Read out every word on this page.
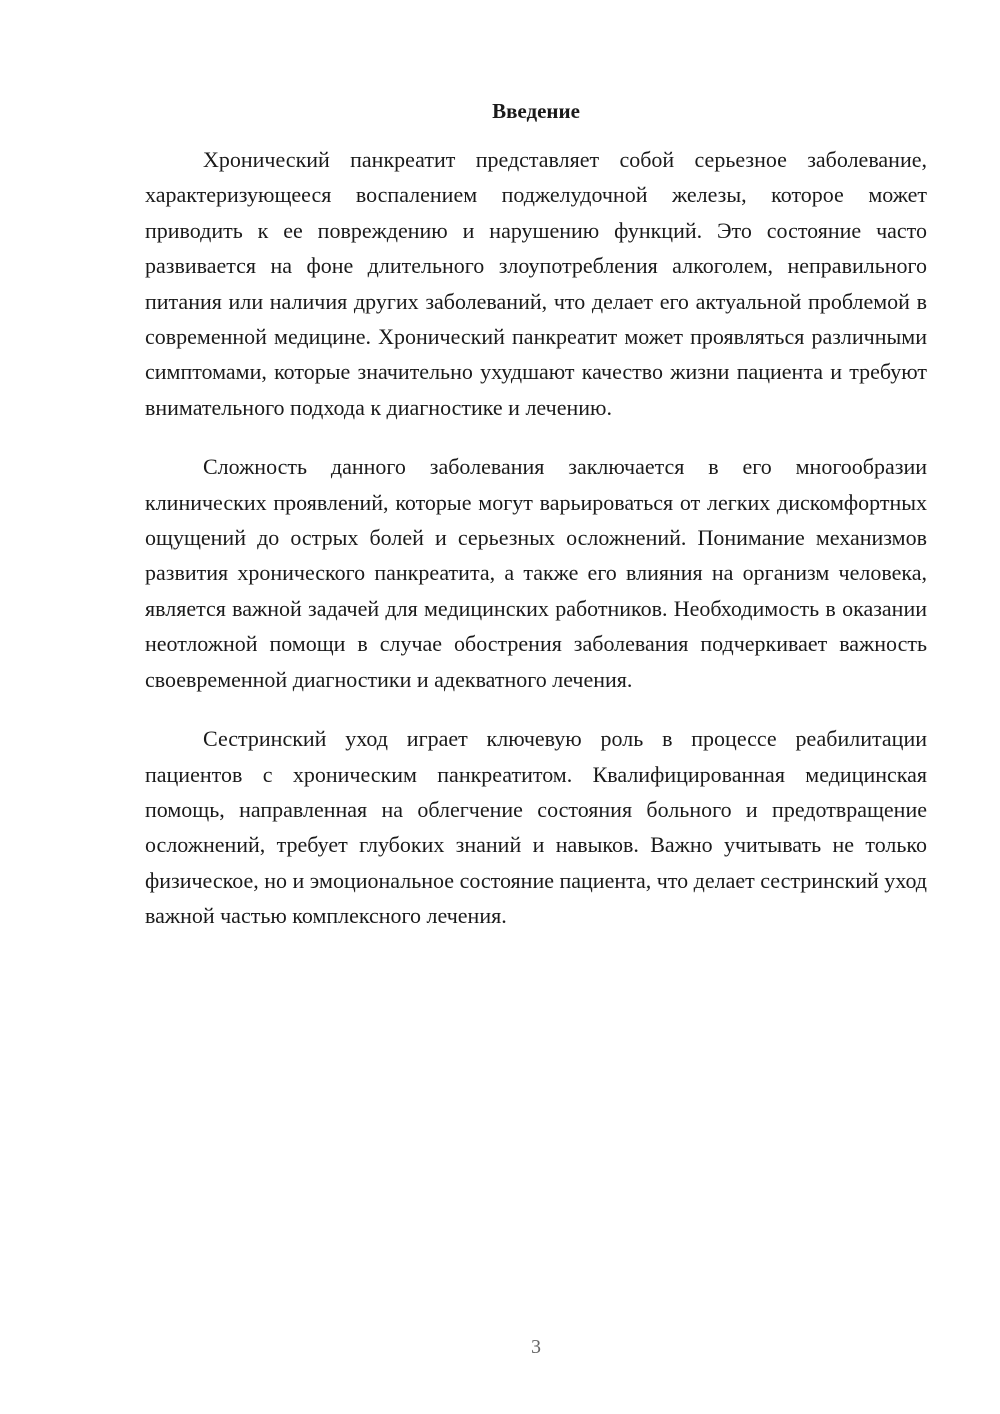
Введение

Хронический панкреатит представляет собой серьезное заболевание, характеризующееся воспалением поджелудочной железы, которое может приводить к ее повреждению и нарушению функций. Это состояние часто развивается на фоне длительного злоупотребления алкоголем, неправильного питания или наличия других заболеваний, что делает его актуальной проблемой в современной медицине. Хронический панкреатит может проявляться различными симптомами, которые значительно ухудшают качество жизни пациента и требуют внимательного подхода к диагностике и лечению.

Сложность данного заболевания заключается в его многообразии клинических проявлений, которые могут варьироваться от легких дискомфортных ощущений до острых болей и серьезных осложнений. Понимание механизмов развития хронического панкреатита, а также его влияния на организм человека, является важной задачей для медицинских работников. Необходимость в оказании неотложной помощи в случае обострения заболевания подчеркивает важность своевременной диагностики и адекватного лечения.

Сестринский уход играет ключевую роль в процессе реабилитации пациентов с хроническим панкреатитом. Квалифицированная медицинская помощь, направленная на облегчение состояния больного и предотвращение осложнений, требует глубоких знаний и навыков. Важно учитывать не только физическое, но и эмоциональное состояние пациента, что делает сестринский уход важной частью комплексного лечения.

3
